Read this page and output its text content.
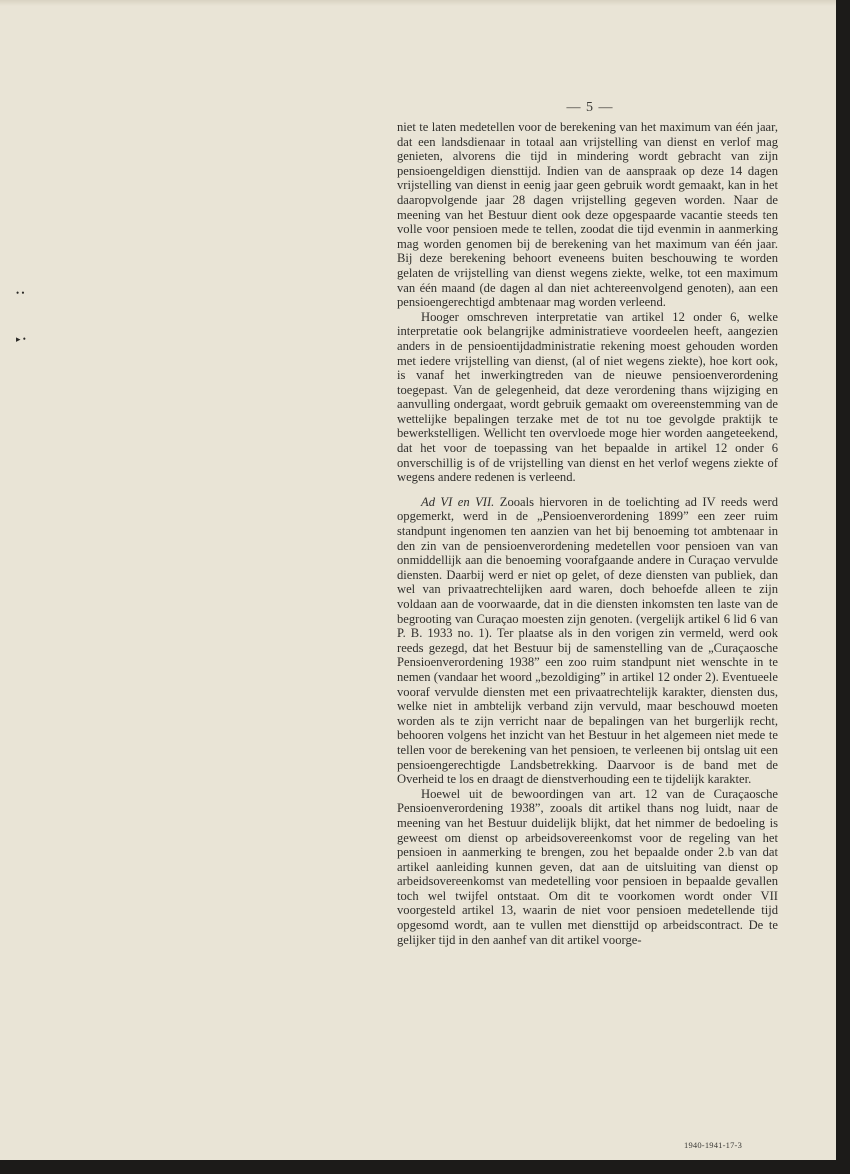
— 5 —
• •
▸ •

niet te laten medetellen voor de berekening van het maximum van één jaar, dat een landsdienaar in totaal aan vrijstelling van dienst en verlof mag genieten, alvorens die tijd in mindering wordt gebracht van zijn pensioengeldigen diensttijd. Indien van de aanspraak op deze 14 dagen vrijstelling van dienst in eenig jaar geen gebruik wordt gemaakt, kan in het daaropvolgende jaar 28 dagen vrijstelling gegeven worden. Naar de meening van het Bestuur dient ook deze opgespaarde vacantie steeds ten volle voor pensioen mede te tellen, zoodat die tijd evenmin in aanmerking mag worden genomen bij de berekening van het maximum van één jaar. Bij deze berekening behoort eveneens buiten beschouwing te worden gelaten de vrijstelling van dienst wegens ziekte, welke, tot een maximum van één maand (de dagen al dan niet achtereenvolgend genoten), aan een pensioengerechtigd ambtenaar mag worden verleend.

Hooger omschreven interpretatie van artikel 12 onder 6, welke interpretatie ook belangrijke administratieve voordeelen heeft, aangezien anders in de pensioentijdadministratie rekening moest gehouden worden met iedere vrijstelling van dienst, (al of niet wegens ziekte), hoe kort ook, is vanaf het inwerkingtreden van de nieuwe pensioenverordening toegepast. Van de gelegenheid, dat deze verordening thans wijziging en aanvulling ondergaat, wordt gebruik gemaakt om overeenstemming van de wettelijke bepalingen terzake met de tot nu toe gevolgde praktijk te bewerkstelligen. Wellicht ten overvloede moge hier worden aangeteekend, dat het voor de toepassing van het bepaalde in artikel 12 onder 6 onverschillig is of de vrijstelling van dienst en het verlof wegens ziekte of wegens andere redenen is verleend.

Ad VI en VII. Zooals hiervoren in de toelichting ad IV reeds werd opgemerkt, werd in de „Pensioenverordening 1899” een zeer ruim standpunt ingenomen ten aanzien van het bij benoeming tot ambtenaar in den zin van de pensioenverordening medetellen voor pensioen van van onmiddellijk aan die benoeming voorafgaande andere in Curaçao vervulde diensten. Daarbij werd er niet op gelet, of deze diensten van publiek, dan wel van privaatrechtelijken aard waren, doch behoefde alleen te zijn voldaan aan de voorwaarde, dat in die diensten inkomsten ten laste van de begrooting van Curaçao moesten zijn genoten. (vergelijk artikel 6 lid 6 van P. B. 1933 no. 1). Ter plaatse als in den vorigen zin vermeld, werd ook reeds gezegd, dat het Bestuur bij de samenstelling van de „Curaçaosche Pensioenverordening 1938” een zoo ruim standpunt niet wenschte in te nemen (vandaar het woord „bezoldiging” in artikel 12 onder 2). Eventueele vooraf vervulde diensten met een privaatrechtelijk karakter, diensten dus, welke niet in ambtelijk verband zijn vervuld, maar beschouwd moeten worden als te zijn verricht naar de bepalingen van het burgerlijk recht, behooren volgens het inzicht van het Bestuur in het algemeen niet mede te tellen voor de berekening van het pensioen, te verleenen bij ontslag uit een pensioengerechtigde Landsbetrekking. Daarvoor is de band met de Overheid te los en draagt de dienstverhouding een te tijdelijk karakter.

Hoewel uit de bewoordingen van art. 12 van de Curaçaosche Pensioenverordening 1938”, zooals dit artikel thans nog luidt, naar de meening van het Bestuur duidelijk blijkt, dat het nimmer de bedoeling is geweest om dienst op arbeidsovereenkomst voor de regeling van het pensioen in aanmerking te brengen, zou het bepaalde onder 2.b van dat artikel aanleiding kunnen geven, dat aan de uitsluiting van dienst op arbeidsovereenkomst van medetelling voor pensioen in bepaalde gevallen toch wel twijfel ontstaat. Om dit te voorkomen wordt onder VII voorgesteld artikel 13, waarin de niet voor pensioen medetellende tijd opgesomd wordt, aan te vullen met diensttijd op arbeidscontract. De te gelijker tijd in den aanhef van dit artikel voorge-

1940-1941-17-3
